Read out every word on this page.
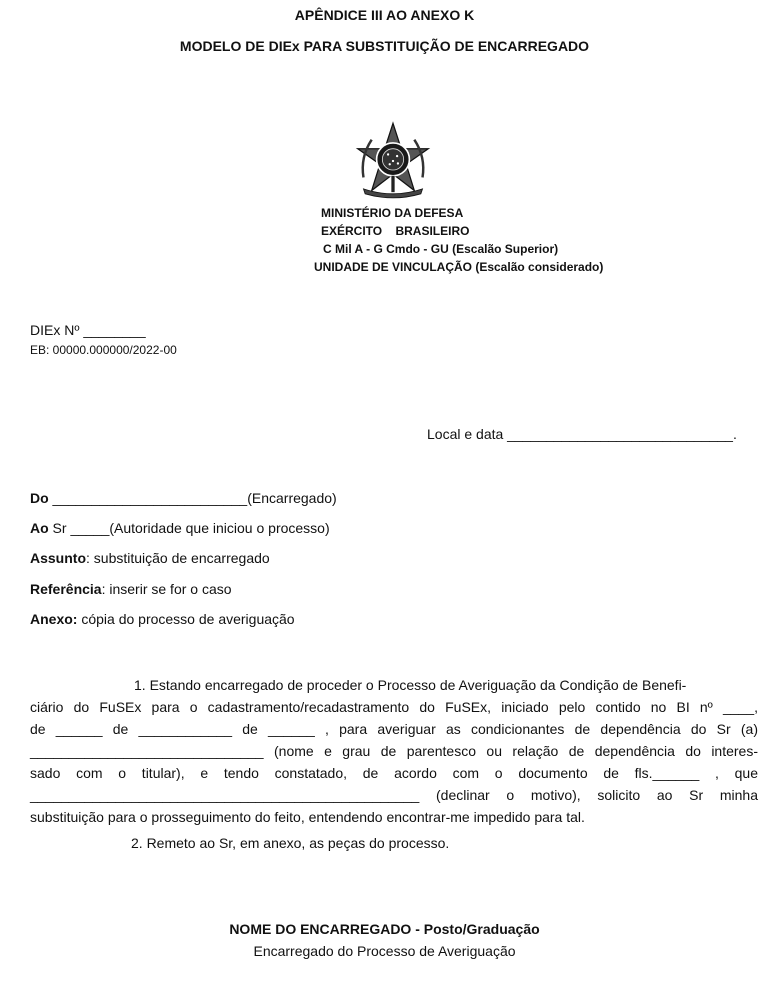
APÊNDICE III AO ANEXO K
MODELO DE DIEx PARA SUBSTITUIÇÃO DE ENCARREGADO
MINISTÉRIO DA DEFESA
EXÉRCITO    BRASILEIRO
C Mil A - G Cmdo - GU (Escalão Superior)
UNIDADE DE VINCULAÇÃO (Escalão considerado)
DIEx Nº ________
EB: 00000.000000/2022-00
Local e data _____________________________.
Do _________________________(Encarregado)
Ao Sr _____(Autoridade que iniciou o processo)
Assunto: substituição de encarregado
Referência: inserir se for o caso
Anexo: cópia do processo de averiguação
1. Estando encarregado de proceder o Processo de Averiguação da Condição de Benefi-
ciário do FuSEx para o cadastramento/recadastramento do FuSEx, iniciado pelo contido no BI nº ____,
de ______ de ____________ de ______ , para averiguar as condicionantes de dependência do Sr (a)
______________________________ (nome e grau de parentesco ou relação de dependência do interes-
sado com o titular), e tendo constatado, de acordo com o documento de fls.______ , que
__________________________________________________ (declinar o motivo), solicito ao Sr minha
substituição para o prosseguimento do feito, entendendo encontrar-me impedido para tal.
2. Remeto ao Sr, em anexo, as peças do processo.
NOME DO ENCARREGADO - Posto/Graduação
Encarregado do Processo de Averiguação
